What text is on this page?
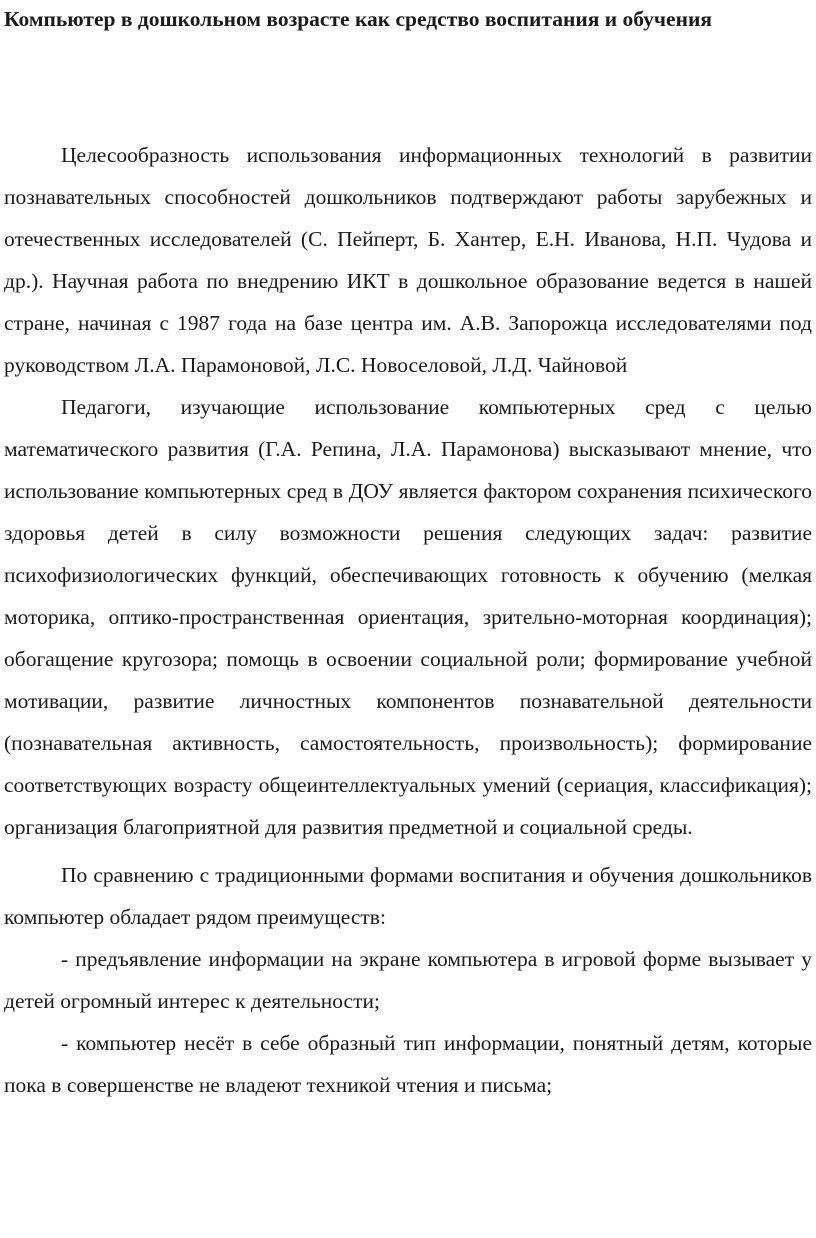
Компьютер в дошкольном возрасте как средство воспитания и обучения

Целесообразность использования информационных технологий в развитии познавательных способностей дошкольников подтверждают работы зарубежных и отечественных исследователей (С. Пейперт, Б. Хантер, Е.Н. Иванова, Н.П. Чудова и др.). Научная работа по внедрению ИКТ в дошкольное образование ведется в нашей стране, начиная с 1987 года на базе центра им. А.В. Запорожца исследователями под руководством Л.А. Парамоновой, Л.С. Новоселовой, Л.Д. Чайновой

Педагоги, изучающие использование компьютерных сред с целью математического развития (Г.А. Репина, Л.А. Парамонова) высказывают мнение, что использование компьютерных сред в ДОУ является фактором сохранения психического здоровья детей в силу возможности решения следующих задач: развитие психофизиологических функций, обеспечивающих готовность к обучению (мелкая моторика, оптико-пространственная ориентация, зрительно-моторная координация); обогащение кругозора; помощь в освоении социальной роли; формирование учебной мотивации, развитие личностных компонентов познавательной деятельности (познавательная активность, самостоятельность, произвольность); формирование соответствующих возрасту общеинтеллектуальных умений (сериация, классификация); организация благоприятной для развития предметной и социальной среды.

По сравнению с традиционными формами воспитания и обучения дошкольников компьютер обладает рядом преимуществ:

- предъявление информации на экране компьютера в игровой форме вызывает у детей огромный интерес к деятельности;

- компьютер несёт в себе образный тип информации, понятный детям, которые пока в совершенстве не владеют техникой чтения и письма;
